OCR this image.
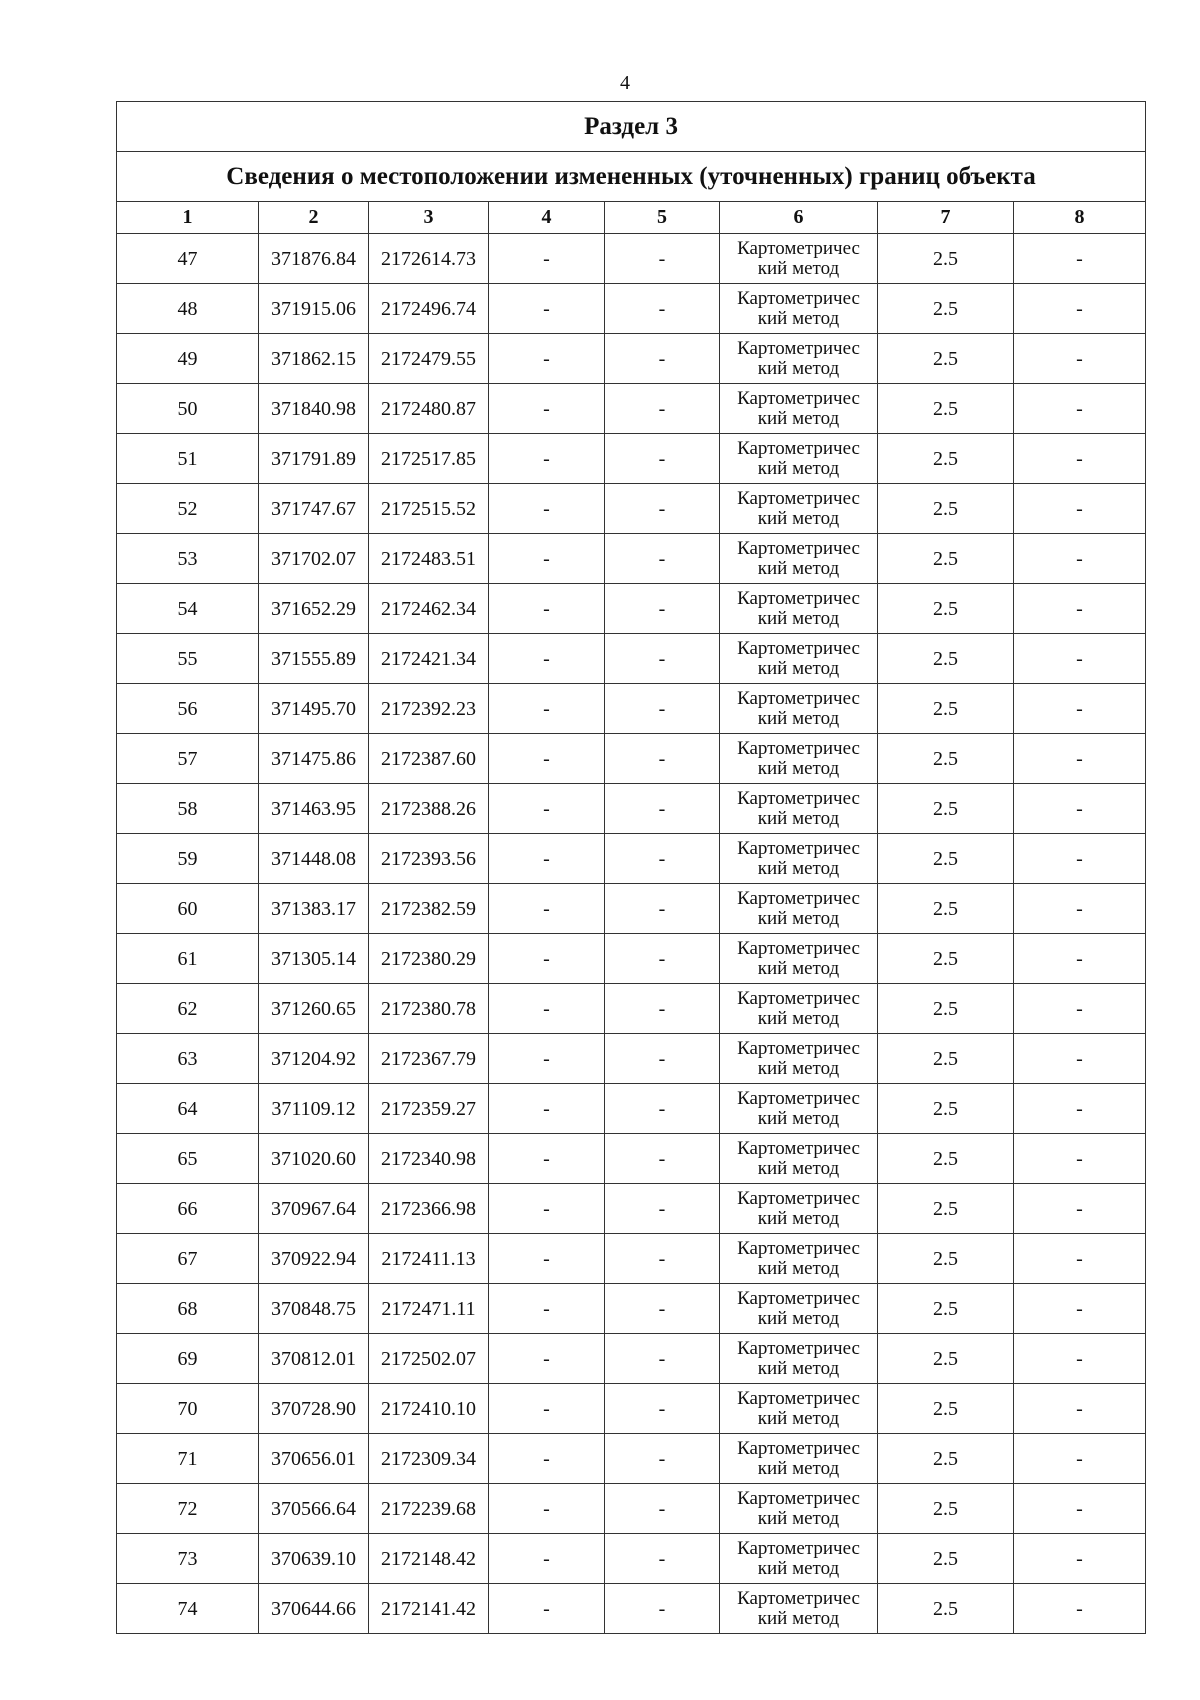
4
Раздел 3							
Сведения о местоположении измененных (уточненных) границ объекта							
1	2	3	4	5	6	7	8
47	371876.84	2172614.73	-	-	Картометричес кий метод	2.5	-
48	371915.06	2172496.74	-	-	Картометричес кий метод	2.5	-
49	371862.15	2172479.55	-	-	Картометричес кий метод	2.5	-
50	371840.98	2172480.87	-	-	Картометричес кий метод	2.5	-
51	371791.89	2172517.85	-	-	Картометричес кий метод	2.5	-
52	371747.67	2172515.52	-	-	Картометричес кий метод	2.5	-
53	371702.07	2172483.51	-	-	Картометричес кий метод	2.5	-
54	371652.29	2172462.34	-	-	Картометричес кий метод	2.5	-
55	371555.89	2172421.34	-	-	Картометричес кий метод	2.5	-
56	371495.70	2172392.23	-	-	Картометричес кий метод	2.5	-
57	371475.86	2172387.60	-	-	Картометричес кий метод	2.5	-
58	371463.95	2172388.26	-	-	Картометричес кий метод	2.5	-
59	371448.08	2172393.56	-	-	Картометричес кий метод	2.5	-
60	371383.17	2172382.59	-	-	Картометричес кий метод	2.5	-
61	371305.14	2172380.29	-	-	Картометричес кий метод	2.5	-
62	371260.65	2172380.78	-	-	Картометричес кий метод	2.5	-
63	371204.92	2172367.79	-	-	Картометричес кий метод	2.5	-
64	371109.12	2172359.27	-	-	Картометричес кий метод	2.5	-
65	371020.60	2172340.98	-	-	Картометричес кий метод	2.5	-
66	370967.64	2172366.98	-	-	Картометричес кий метод	2.5	-
67	370922.94	2172411.13	-	-	Картометричес кий метод	2.5	-
68	370848.75	2172471.11	-	-	Картометричес кий метод	2.5	-
69	370812.01	2172502.07	-	-	Картометричес кий метод	2.5	-
70	370728.90	2172410.10	-	-	Картометричес кий метод	2.5	-
71	370656.01	2172309.34	-	-	Картометричес кий метод	2.5	-
72	370566.64	2172239.68	-	-	Картометричес кий метод	2.5	-
73	370639.10	2172148.42	-	-	Картометричес кий метод	2.5	-
74	370644.66	2172141.42	-	-	Картометричес кий метод	2.5	-
